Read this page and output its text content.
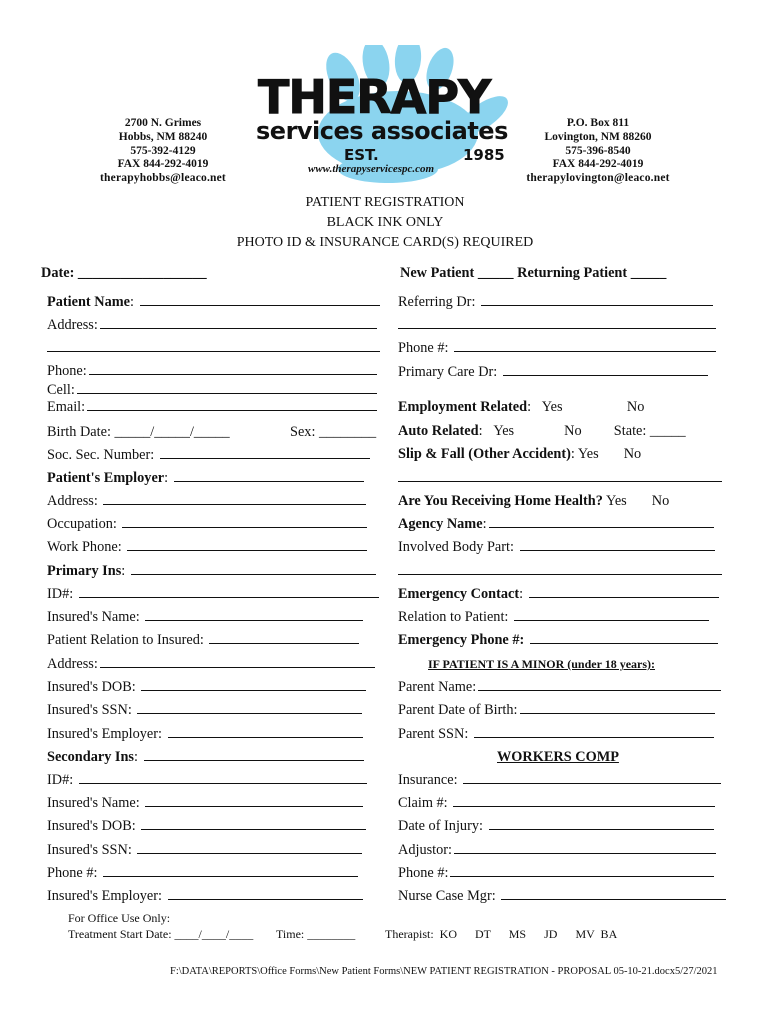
2700 N. Grimes
Hobbs, NM 88240
575-392-4129
FAX 844-292-4019
therapyhobbs@leaco.net
THERAPY
services associates
EST.	1985
www.therapyservicespc.com
P.O. Box 811
Lovington, NM 88260
575-396-8540
FAX 844-292-4019
therapylovington@leaco.net
PATIENT REGISTRATION
BLACK INK ONLY
PHOTO ID & INSURANCE CARD(S) REQUIRED
Date: __________________	New Patient _____ Returning Patient _____
Patient Name:
Address:
Phone:
Cell:
Email:
Birth Date: _____/_____/_____	Sex: ________
Soc. Sec. Number:
Patient's Employer:
Address:
Occupation:
Work Phone:
Primary Ins:
ID#:
Insured's Name:
Patient Relation to Insured:
Address:
Insured's DOB:
Insured's SSN:
Insured's Employer:
Secondary Ins:
ID#:
Insured's Name:
Insured's DOB:
Insured's SSN:
Phone #:
Insured's Employer:
Referring Dr:
Phone #:
Primary Care Dr:
Employment Related:   Yes                  No
Auto Related:   Yes              No         State: _____
Slip & Fall (Other Accident): Yes       No
Are You Receiving Home Health? Yes       No
Agency Name:
Involved Body Part:
Emergency Contact:
Relation to Patient:
Emergency Phone #:
IF PATIENT IS A MINOR (under 18 years):
Parent Name:
Parent Date of Birth:
Parent SSN:
WORKERS COMP
Insurance:
Claim #:
Date of Injury:
Adjustor:
Phone #:
Nurse Case Mgr:
For Office Use Only:
Treatment Start Date: ____/____/____ Time: ________ Therapist:  KO      DT      MS      JD      MV  BA
F:\DATA\REPORTS\Office Forms\New Patient Forms\NEW PATIENT REGISTRATION - PROPOSAL 05-10-21.docx5/27/2021
